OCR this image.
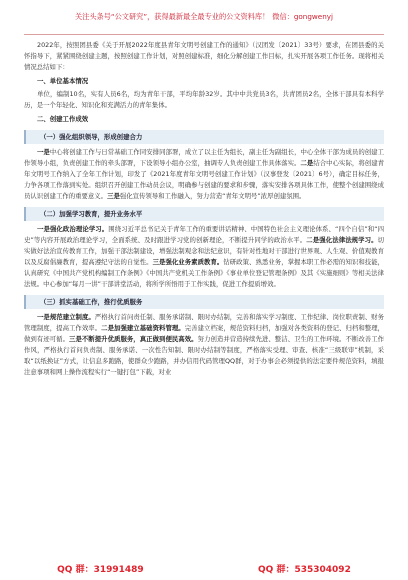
关注头条号“公文研究”，获得最新最全最专业的公文资料库！ 微信：gongwenyj

2022年，按照团县委《关于开展2022年度县青年文明号创建工作的通知》（汉团发〔2021〕33号）要求，在团县委的关怀指导下，紧紧围绕创建主题，按照创建工作计划，对照创建标准，细化分解创建工作目标，扎实开展各项工作任务。现将相关情况总结如下：

一、单位基本情况

单位，编制10名，实有人员6名，均为青年干部，平均年龄32岁。其中中共党员3名，共青团员2名，全体干部具有本科学历，是一个年轻化、知识化和充满活力的青年集体。

二、创建工作成效
（一）强化组织领导，形成创建合力

一是中心将创建工作与日常基础工作同安排同部署，成立了以主任为组长，副主任为副组长，中心全体干部为成员的创建工作领导小组，负责创建工作的牵头部署，下设领导小组办公室，抽调专人负责创建工作具体落实。二是结合中心实际，将创建青年文明号工作纳入了全年工作计划，印发了《2021年度青年文明号创建工作计划》（汉事登发〔2021〕6号），确定目标任务，力争各项工作落到实处。组织召开创建工作动员会议，明确参与创建的要求和步骤，落实安排各项具体工作，使整个创建围绕成员认识创建工作的重要意义。三是强化宣传领导和工作融入，努力营造“青年文明号”浓厚创建氛围。

（二）加强学习教育，提升业务水平

一是强化政治理论学习。围绕习近平总书记关于青年工作的重要讲话精神、中国特色社会主义理论体系、“四个自信”和“四史”等内容开展政治理论学习，全面系统、及时跟进学习党的创新理论，不断提升同学的政治水平。二是强化法律法规学习。切实做好法治宣传教育工作，加强干部法制建设，增强法制观念和法纪意识，有针对性地对干部进行世界观、人生观、价值观教育以及反腐倡廉教育，提高遵纪守法的自觉性。三是强化业务素质教育。钻研政策、熟悉业务，掌握本职工作必需的知识和技能，认真研究《中国共产党机构编制工作条例》《中国共产党机关工作条例》《事业单位登记管理条例》及其《实施细则》等相关法律法规。中心参加“每月一讲”干部讲堂活动，将所学所悟用于工作实践，促进工作提质增效。

（三）抓实基础工作，推行优质服务

一是规范建立制度。严格执行首问责任制、服务承诺制、限时办结制，完善和落实学习制度、工作纪律、岗位职责制、财务管理制度，提高工作效率。二是加强建立基础资料管理。完善建立档案，规范资料归档，加强对各类资料的登记、归档和整理，做到有迹可循。三是不断提升优质服务，真正做到便民高效。努力创造并营造持续先进、整洁、卫生的工作环境。不断改善工作作风，严格执行首问负责制、服务承诺、一次性告知制、限时办结制等制度，严格落实受理、审查、核准“三级联审”机制，采取“以纸换证”方式，让信息多跑路，使群众少跑路，并办信用代码管理QQ群，对于办事会必须提供的法定要件规范资料，填报注意事项和网上操作流程实行“一键打包”下载，对业

QQ 群：31991489	QQ 群：535304092
